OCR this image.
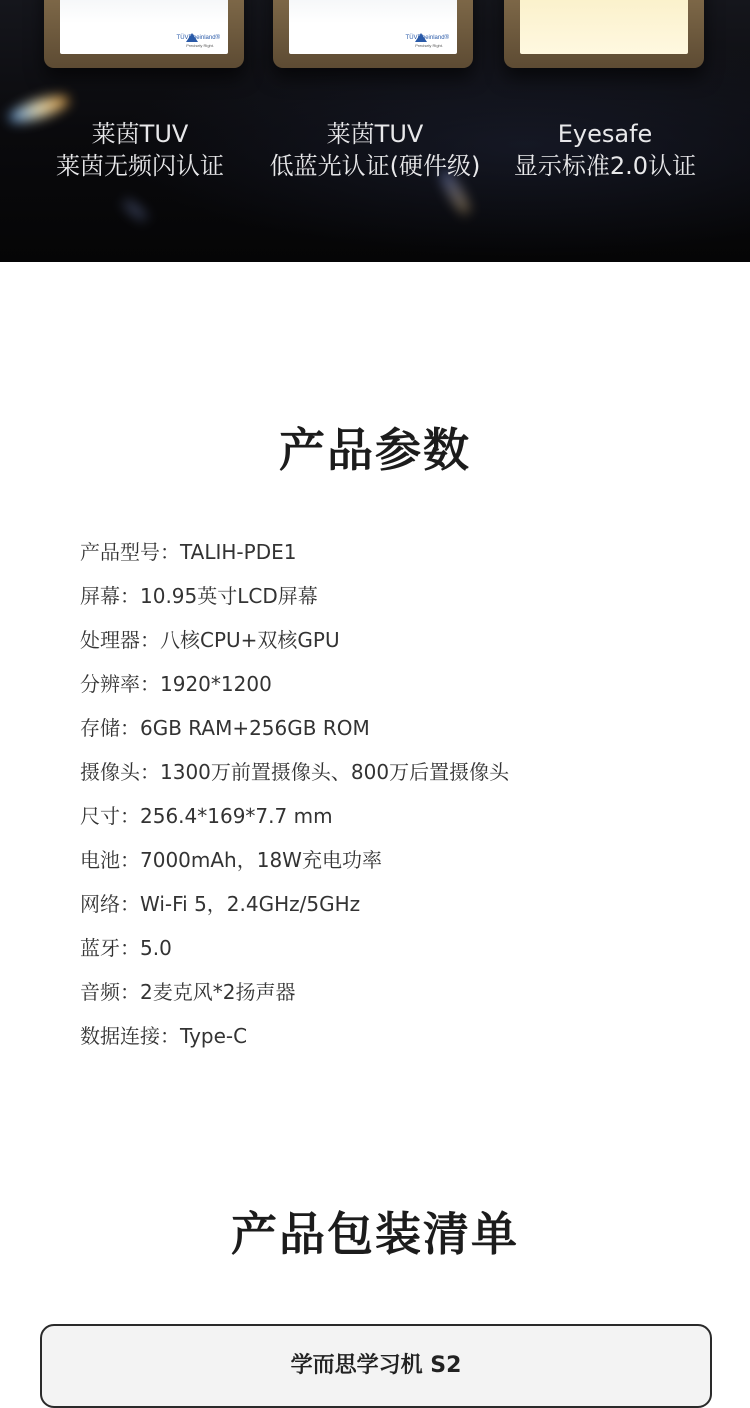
TÜVRheinland®
Precisely Right.
TÜVRheinland®
Precisely Right.
莱茵TUV
莱茵无频闪认证
莱茵TUV
低蓝光认证(硬件级)
Eyesafe
显示标准2.0认证
产品参数
产品型号：TALIH-PDE1
屏幕：10.95英寸LCD屏幕
处理器：八核CPU+双核GPU
分辨率：1920*1200
存储：6GB RAM+256GB ROM
摄像头：1300万前置摄像头、800万后置摄像头
尺寸：256.4*169*7.7 mm
电池：7000mAh，18W充电功率
网络：Wi-Fi 5，2.4GHz/5GHz
蓝牙：5.0
音频：2麦克风*2扬声器
数据连接：Type-C
产品包装清单
学而思学习机 S2
